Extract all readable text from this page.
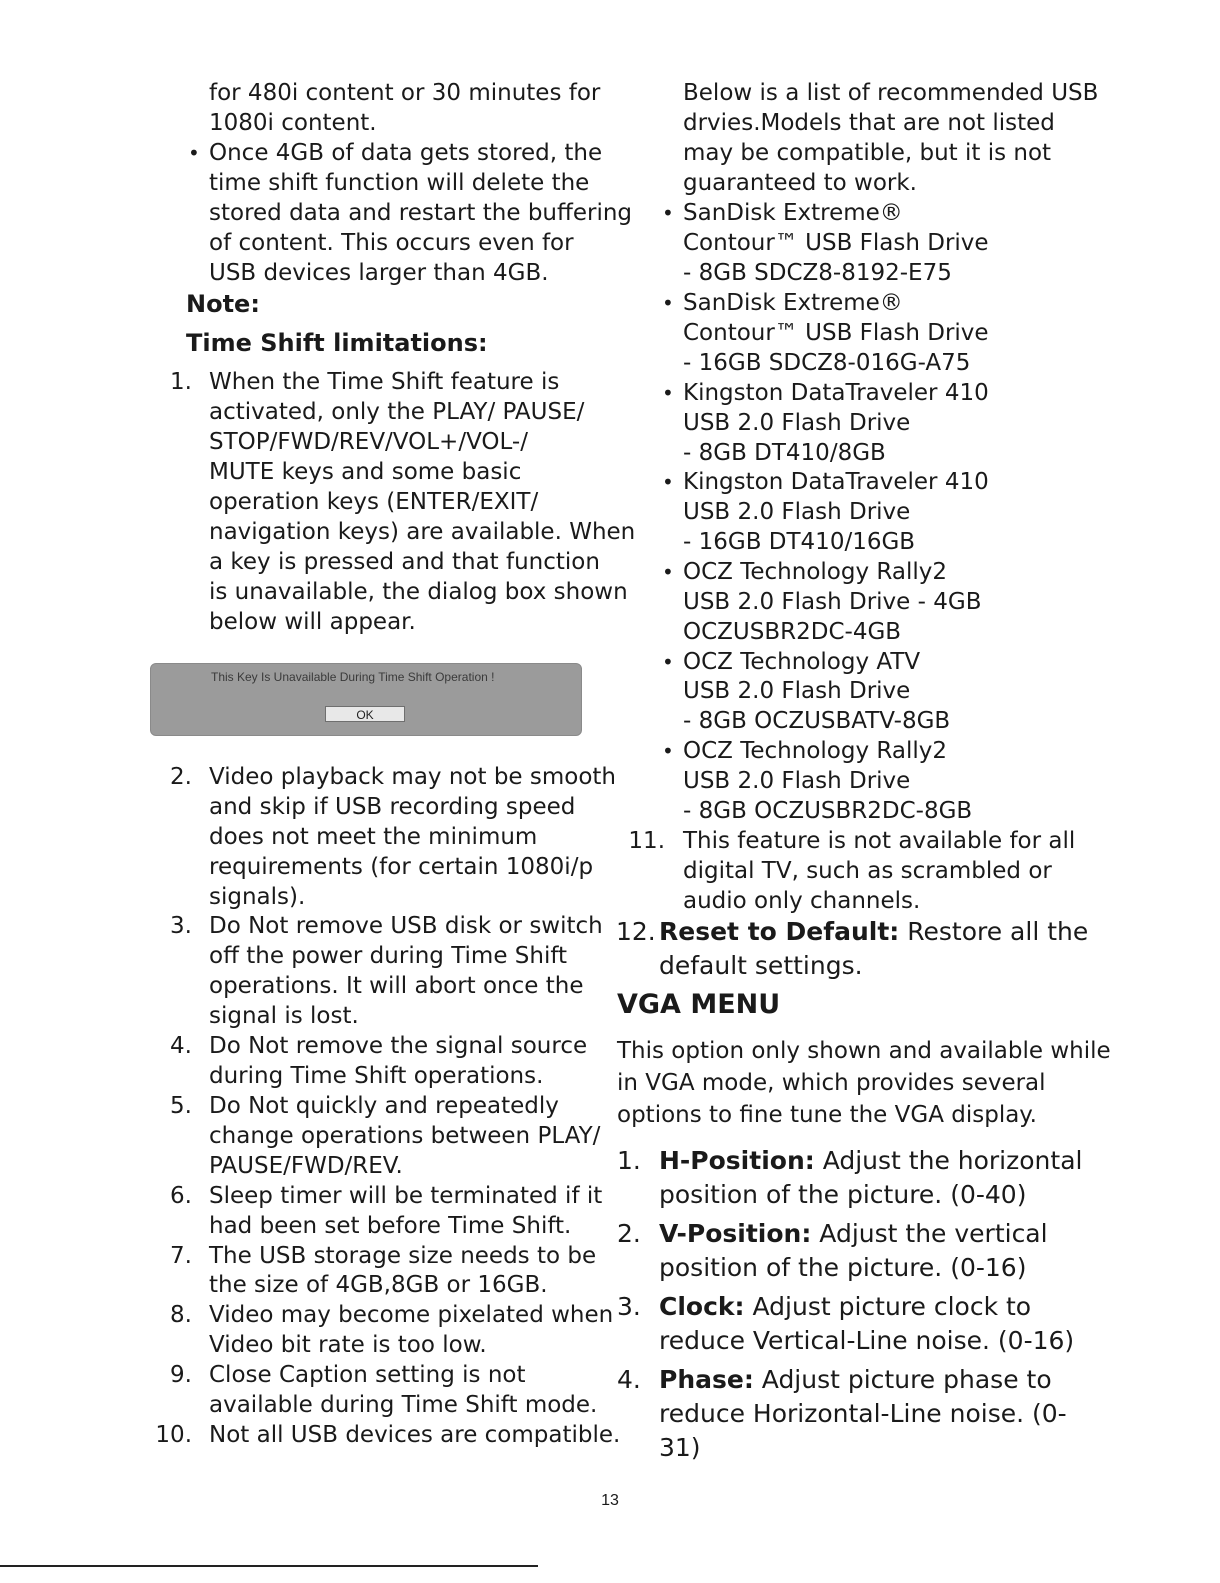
for 480i content or 30 minutes for
1080i content.
• Once 4GB of data gets stored, the
time shift function will delete the
stored data and restart the buffering
of content. This occurs even for
USB devices larger than 4GB.
Note:
Time Shift limitations:
1. When the Time Shift feature is
activated, only the PLAY/ PAUSE/
STOP/FWD/REV/VOL+/VOL-/
MUTE keys and some basic
operation keys (ENTER/EXIT/
navigation keys) are available. When
a key is pressed and that function
is unavailable, the dialog box shown
below will appear.
This Key Is Unavailable During Time Shift Operation !
OK
2. Video playback may not be smooth
and skip if USB recording speed
does not meet the minimum
requirements (for certain 1080i/p
signals).
3. Do Not remove USB disk or switch
off the power during Time Shift
operations. It will abort once the
signal is lost.
4. Do Not remove the signal source
during Time Shift operations.
5. Do Not quickly and repeatedly
change operations between PLAY/
PAUSE/FWD/REV.
6. Sleep timer will be terminated if it
had been set before Time Shift.
7. The USB storage size needs to be
the size of 4GB,8GB or 16GB.
8. Video may become pixelated when
Video bit rate is too low.
9. Close Caption setting is not
available during Time Shift mode.
10. Not all USB devices are compatible.
Below is a list of recommended USB
drvies.Models that are not listed
may be compatible, but it is not
guaranteed to work.
• SanDisk Extreme®
Contour™ USB Flash Drive
- 8GB SDCZ8-8192-E75
• SanDisk Extreme®
Contour™ USB Flash Drive
- 16GB SDCZ8-016G-A75
• Kingston DataTraveler 410
USB 2.0 Flash Drive
- 8GB DT410/8GB
• Kingston DataTraveler 410
USB 2.0 Flash Drive
- 16GB DT410/16GB
• OCZ Technology Rally2
USB 2.0 Flash Drive - 4GB
OCZUSBR2DC-4GB
• OCZ Technology ATV
USB 2.0 Flash Drive
- 8GB OCZUSBATV-8GB
• OCZ Technology Rally2
USB 2.0 Flash Drive
- 8GB OCZUSBR2DC-8GB
11. This feature is not available for all
digital TV, such as scrambled or
audio only channels.
12. Reset to Default: Restore all the
default settings.
VGA MENU
This option only shown and available while
in VGA mode, which provides several
options to fine tune the VGA display.
1. H-Position: Adjust the horizontal
position of the picture. (0-40)
2. V-Position: Adjust the vertical
position of the picture. (0-16)
3. Clock: Adjust picture clock to
reduce Vertical-Line noise. (0-16)
4. Phase: Adjust picture phase to
reduce Horizontal-Line noise. (0-
31)
13
